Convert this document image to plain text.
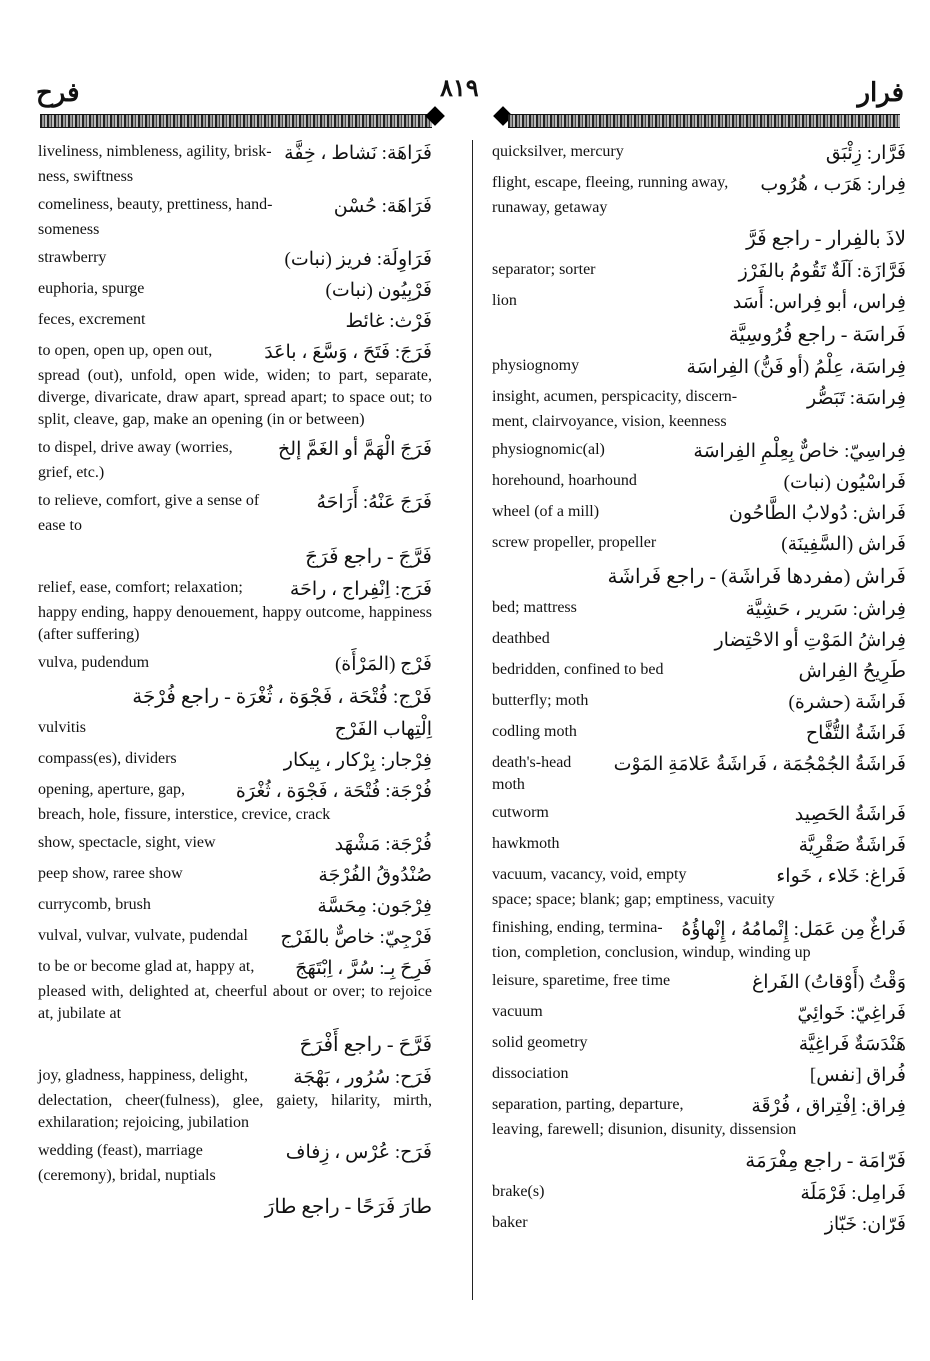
فرح	٨١٩	فرار
liveliness, nimbleness, agility, brisk- فَرَاهَة: نَشاط ، خِفَّة
ness, swiftness
comeliness, beauty, prettiness, hand-	فَرَاهَة: حُسْن
someness
strawberry	فَرَاوِلَة: فريز (نبات)
euphoria, spurge	فَرْبِيُون (نبات)
feces, excrement	فَرْث: غائط
to open, open up, open out,	فَرَجَ: فَتَحَ ، وَسَّعَ ، باعَدَ
spread (out), unfold, open wide, widen; to part, separate, diverge, divaricate, draw apart, spread apart; to space out; to split, cleave, gap, make an opening (in or between)
to dispel, drive away (worries, فَرَجَ الْهَمَّ أو الغَمَّ إلخ
grief, etc.)
to relieve, comfort, give a sense of	فَرَجَ عَنْهُ: أَرَاحَهُ
ease to
فَرَّجَ - راجع فَرَجَ
relief, ease, comfort; relaxation; فَرَج: اِنْفِراج ، راحَة
happy ending, happy denouement, happy outcome, happiness (after suffering)
vulva, pudendum	فَرْج (المَرْأَة)
فَرْج: فُتْحَة ، فَجْوَة ، ثُغْرَة - راجع فُرْجَة
vulvitis	اِلْتِهاب الفَرْج
compass(es), dividers	فِرْجار: بِرْكار ، بِيكار
opening, aperture, gap,	فُرْجَة: فُتْحَة ، فَجْوَة ، ثُغْرَة
breach, hole, fissure, interstice, crevice, crack
show, spectacle, sight, view	فُرْجَة: مَشْهَد
peep show, raree show	صُنْدُوقُ الفُرْجَة
currycomb, brush	فِرْجَون: مِحَسَّة
vulval, vulvar, vulvate, pudendal فَرْجِيّ: خاصٌّ بالفَرْج
to be or become glad at, happy at, فَرِحَ بِـ: سُرَّ ، اِبْتَهَجَ
pleased with, delighted at, cheerful about or over; to rejoice at, jubilate at
فَرَّحَ - راجع أَفْرَحَ
joy, gladness, happiness, delight, فَرَح: سُرُور ، بَهْجَة
delectation, cheer(fulness), glee, gaiety, hilarity, mirth, exhilaration; rejoicing, jubilation
wedding (feast), marriage	فَرَح: عُرْس ، زِفاف
(ceremony), bridal, nuptials
طارَ فَرَحًا - راجع طارَ
quicksilver, mercury	فَرَّار: زِئْبَق
flight, escape, fleeing, running away, فِرار: هَرَب ، هُرُوب
runaway, getaway
لاذَ بالفِرار - راجع فَرَّ
separator; sorter	فَرَّازَة: آلَةٌ تَقُومُ بالفَرْز
lion	فِراس، أبو فِراس: أَسَد
فَراسَة - راجع فُرُوسِيَّة
physiognomy	فِراسَة، عِلْمُ (أو فَنُّ) الفِراسَة
insight, acumen, perspicacity, discern-	فِراسَة: تَبَصُّر
ment, clairvoyance, vision, keenness
physiognomic(al)	فِراسِيّ: خاصٌّ بِعِلْمِ الفِراسَة
horehound, hoarhound	فَراسْيُون (نبات)
wheel (of a mill)	فَراش: دُولابُ الطَّاحُون
screw propeller, propeller	فَراش (السَّفِينَة)
فَراش (مفردها فَراشَة) - راجع فَراشَة
bed; mattress	فِراش: سَرير ، حَشِيَّة
deathbed	فِراشُ المَوْتِ أو الاحْتِضار
bedridden, confined to bed	طَرِيحُ الفِراش
butterfly; moth	فَراشَة (حشرة)
codling moth	فَراشَةُ التُّفَّاح
death's-head moth
فَراشَةُ الجُمْجُمَة ، فَراشَةُ عَلامَةِ المَوْت
cutworm	فَراشَةُ الحَصِيد
hawkmoth	فَراشَةٌ صَقْرِيَّة
vacuum, vacancy, void, empty	فَراغ: خَلاء ، خَواء
space; space; blank; gap; emptiness, vacuity
finishing, ending, termina- فَراغٌ مِن عَمَل: إِتْمامُهُ ، إِنْهاؤُهُ
tion, completion, conclusion, windup, winding up
leisure, sparetime, free time	وَقْتُ (أَوْقاتُ) الفَراغ
vacuum	فَراغِيّ: خَوائِيّ
solid geometry	هَنْدَسَةٌ فَراغِيَّة
dissociation	فُراق [نفس]
separation, parting, departure,	فِراق: اِفْتِراق ، فُرْقَة
leaving, farewell; disunion, disunity, dissension
فَرّامَة - راجع مِفْرَمَة
brake(s)	فَرامِل: فَرْمَلَة
baker	فَرّان: خَبّاز
